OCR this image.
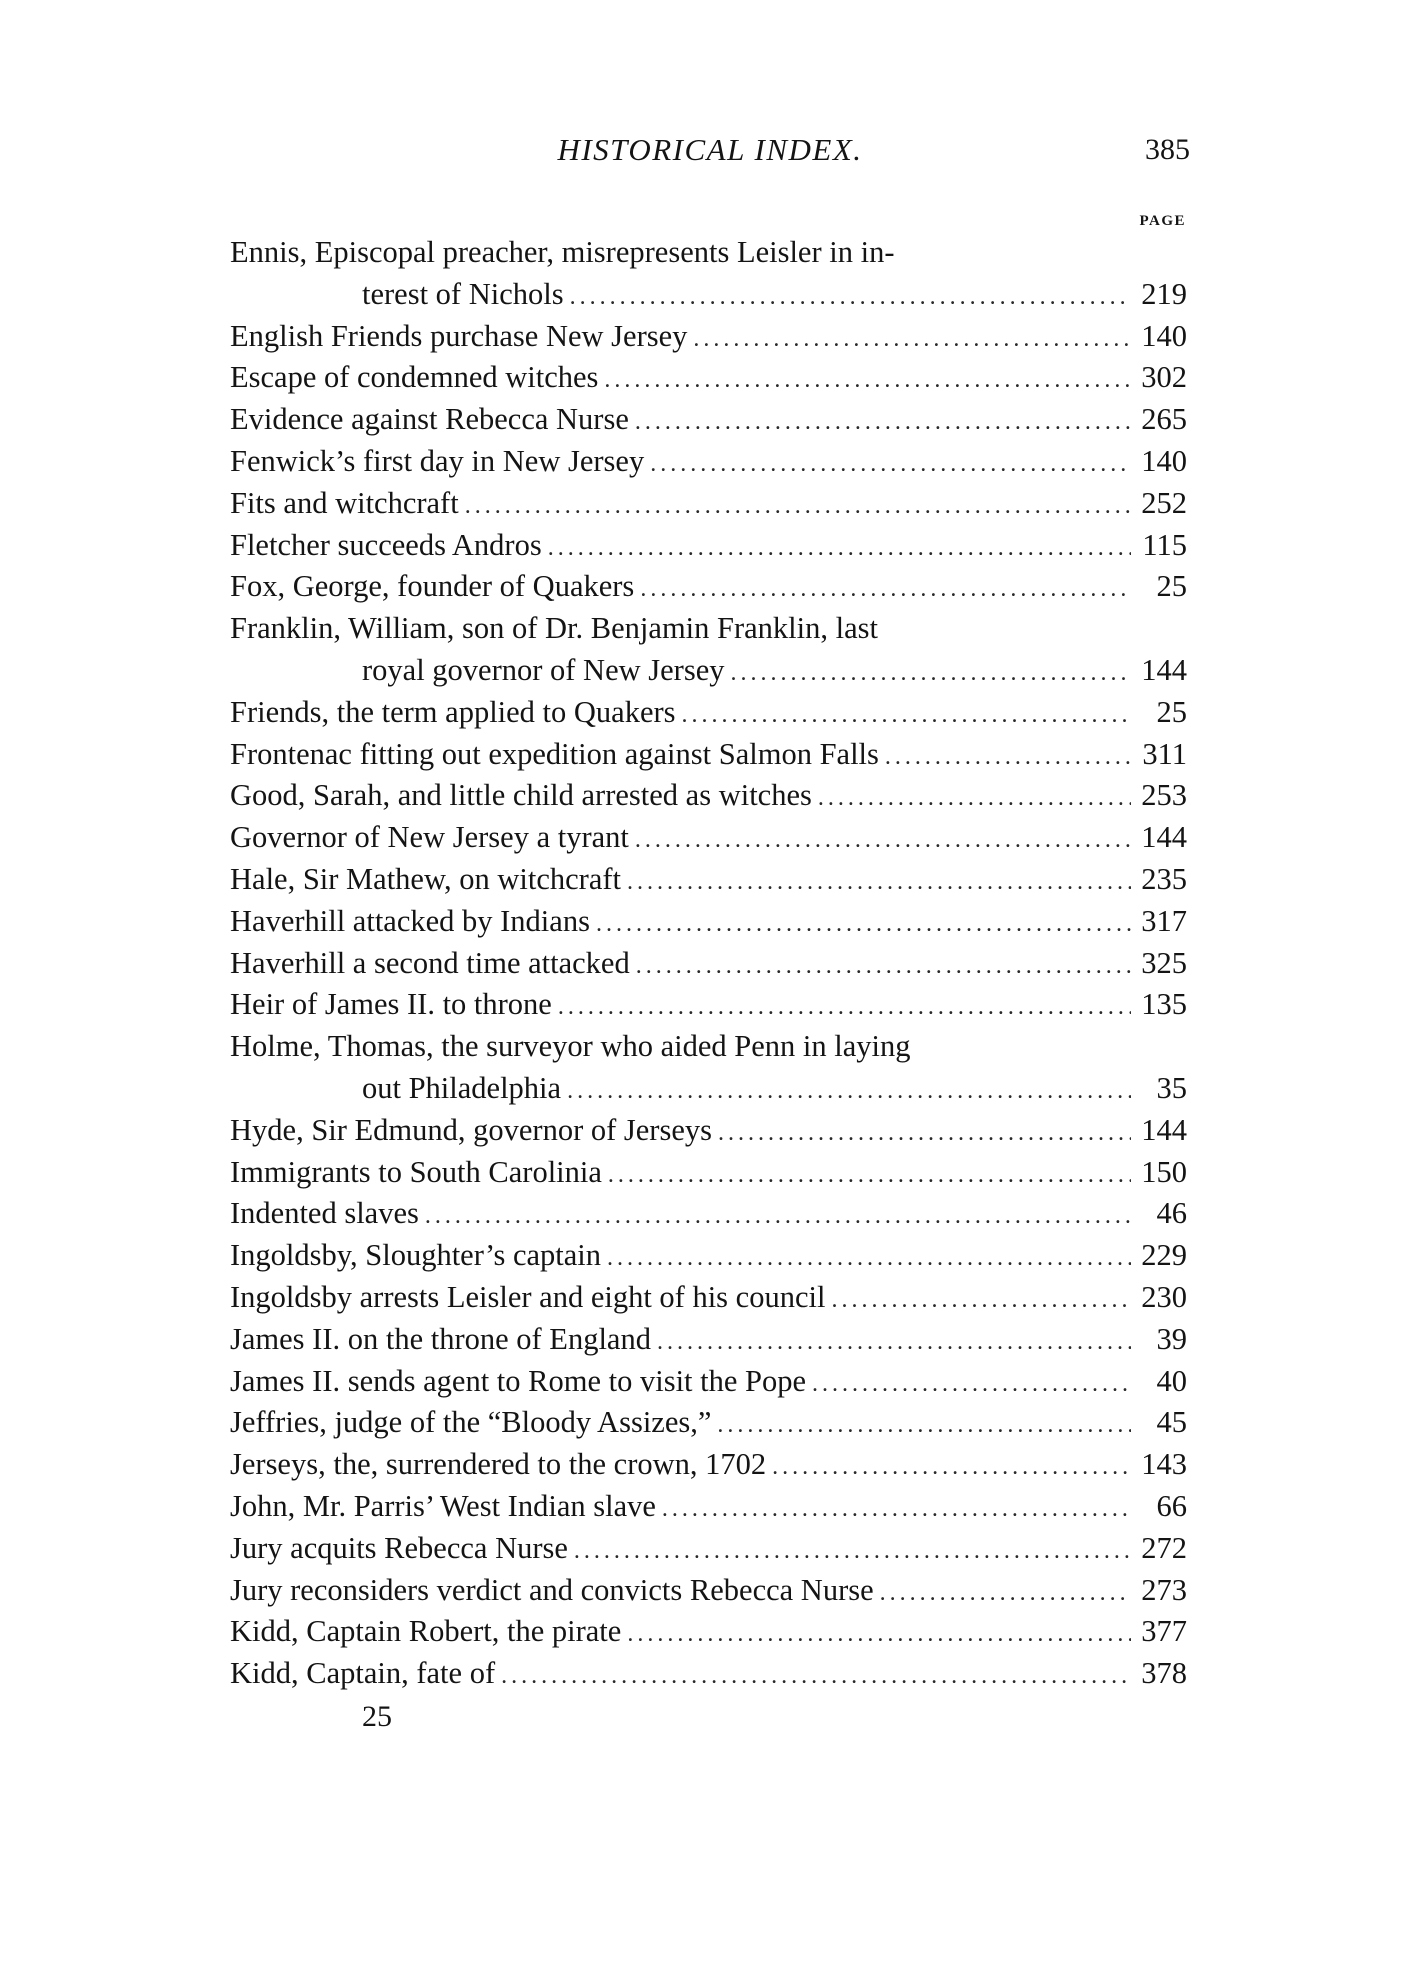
HISTORICAL INDEX.	385
PAGE
Ennis, Episcopal preacher, misrepresents Leisler in in-
terest of Nichols . . .	219
English Friends purchase New Jersey . . .	140
Escape of condemned witches . . .	302
Evidence against Rebecca Nurse . . .	265
Fenwick’s first day in New Jersey . . .	140
Fits and witchcraft . . .	252
Fletcher succeeds Andros . . .	115
Fox, George, founder of Quakers . . .	25
Franklin, William, son of Dr. Benjamin Franklin, last
royal governor of New Jersey . . .	144
Friends, the term applied to Quakers . . .	25
Frontenac fitting out expedition against Salmon Falls . . .	311
Good, Sarah, and little child arrested as witches . . .	253
Governor of New Jersey a tyrant . . .	144
Hale, Sir Mathew, on witchcraft . . .	235
Haverhill attacked by Indians . . .	317
Haverhill a second time attacked . . .	325
Heir of James II. to throne . . .	135
Holme, Thomas, the surveyor who aided Penn in laying
out Philadelphia . . .	35
Hyde, Sir Edmund, governor of Jerseys . . .	144
Immigrants to South Carolinia . . .	150
Indented slaves . . .	46
Ingoldsby, Sloughter’s captain . . .	229
Ingoldsby arrests Leisler and eight of his council . . .	230
James II. on the throne of England . . .	39
James II. sends agent to Rome to visit the Pope . . .	40
Jeffries, judge of the “Bloody Assizes,” . . .	45
Jerseys, the, surrendered to the crown, 1702 . . .	143
John, Mr. Parris’ West Indian slave . . .	66
Jury acquits Rebecca Nurse . . .	272
Jury reconsiders verdict and convicts Rebecca Nurse . . .	273
Kidd, Captain Robert, the pirate . . .	377
Kidd, Captain, fate of . . .	378
25
